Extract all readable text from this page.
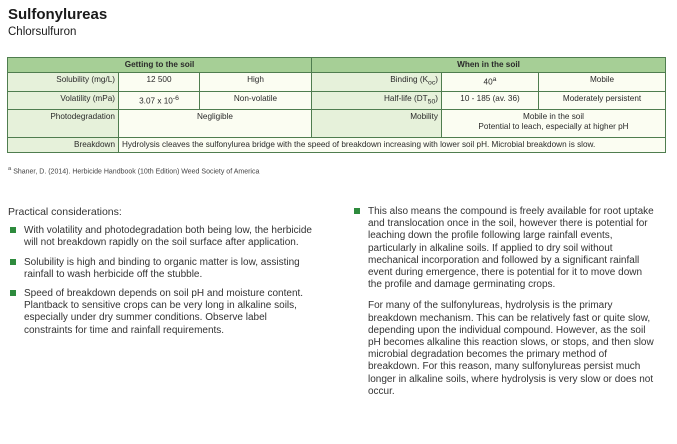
Sulfonylureas
Chlorsulfuron
Getting to the soil			When in the soil		
Solubility (mg/L)	12 500	High	Binding $(K_{oc})$	40$^a$	Mobile
Volatility (mPa)	3.07 x $10^{-6}$	Non-volatile	Half-life $(DT_{50})$	10 - 185 (av. 36)	Moderately persistent
Photodegradation	Negligible		Mobility	Mobile in the soil
Potential to leach, especially at higher pH	

Breakdown	Hydrolysis cleaves the sulfonylurea bridge with the speed of breakdown increasing with lower soil pH. Microbial breakdown is slow.				
$^a$ Shaner, D. (2014). Herbicide Handbook (10th Edition) Weed Society of America
Practical considerations:
With volatility and photodegradation both being low, the herbicide will not breakdown rapidly on the soil surface after application.
Solubility is high and binding to organic matter is low, assisting rainfall to wash herbicide off the stubble.
Speed of breakdown depends on soil pH and moisture content. Plantback to sensitive crops can be very long in alkaline soils, especially under dry summer conditions. Observe label constraints for time and rainfall requirements.
This also means the compound is freely available for root uptake and translocation once in the soil, however there is potential for leaching down the profile following large rainfall events, particularly in alkaline soils. If applied to dry soil without mechanical incorporation and followed by a significant rainfall event during emergence, there is potential for it to move down the profile and damage germinating crops.
For many of the sulfonylureas, hydrolysis is the primary breakdown mechanism. This can be relatively fast or quite slow, depending upon the individual compound. However, as the soil pH becomes alkaline this reaction slows, or stops, and then slow microbial degradation becomes the primary method of breakdown. For this reason, many sulfonylureas persist much longer in alkaline soils, where hydrolysis is very slow or does not occur.
